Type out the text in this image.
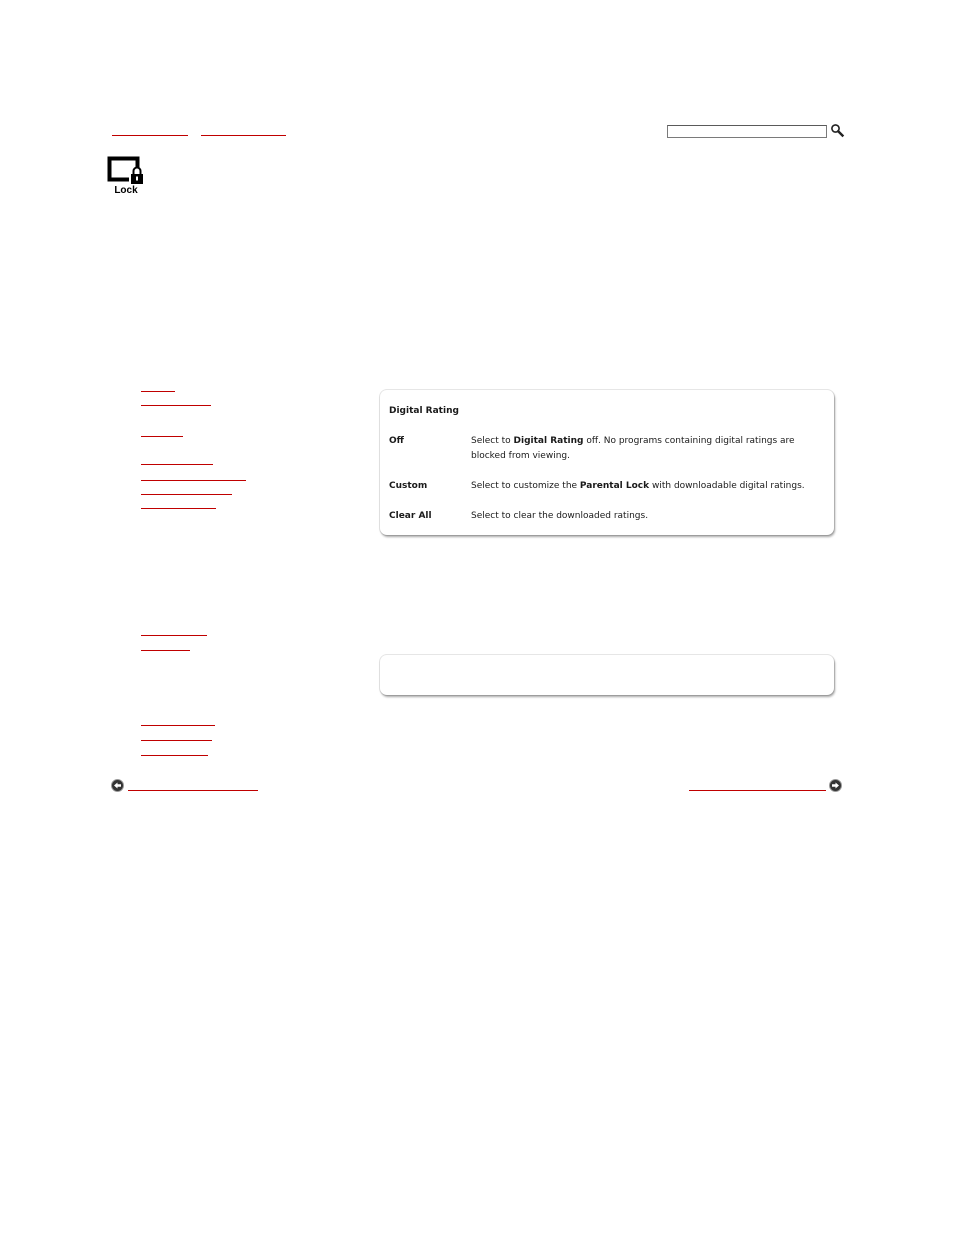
Lock
Digital Rating
Off	Select to Digital Rating off. No programs containing digital ratings are blocked from viewing.
Custom	Select to customize the Parental Lock with downloadable digital ratings.
Clear All	Select to clear the downloaded ratings.
